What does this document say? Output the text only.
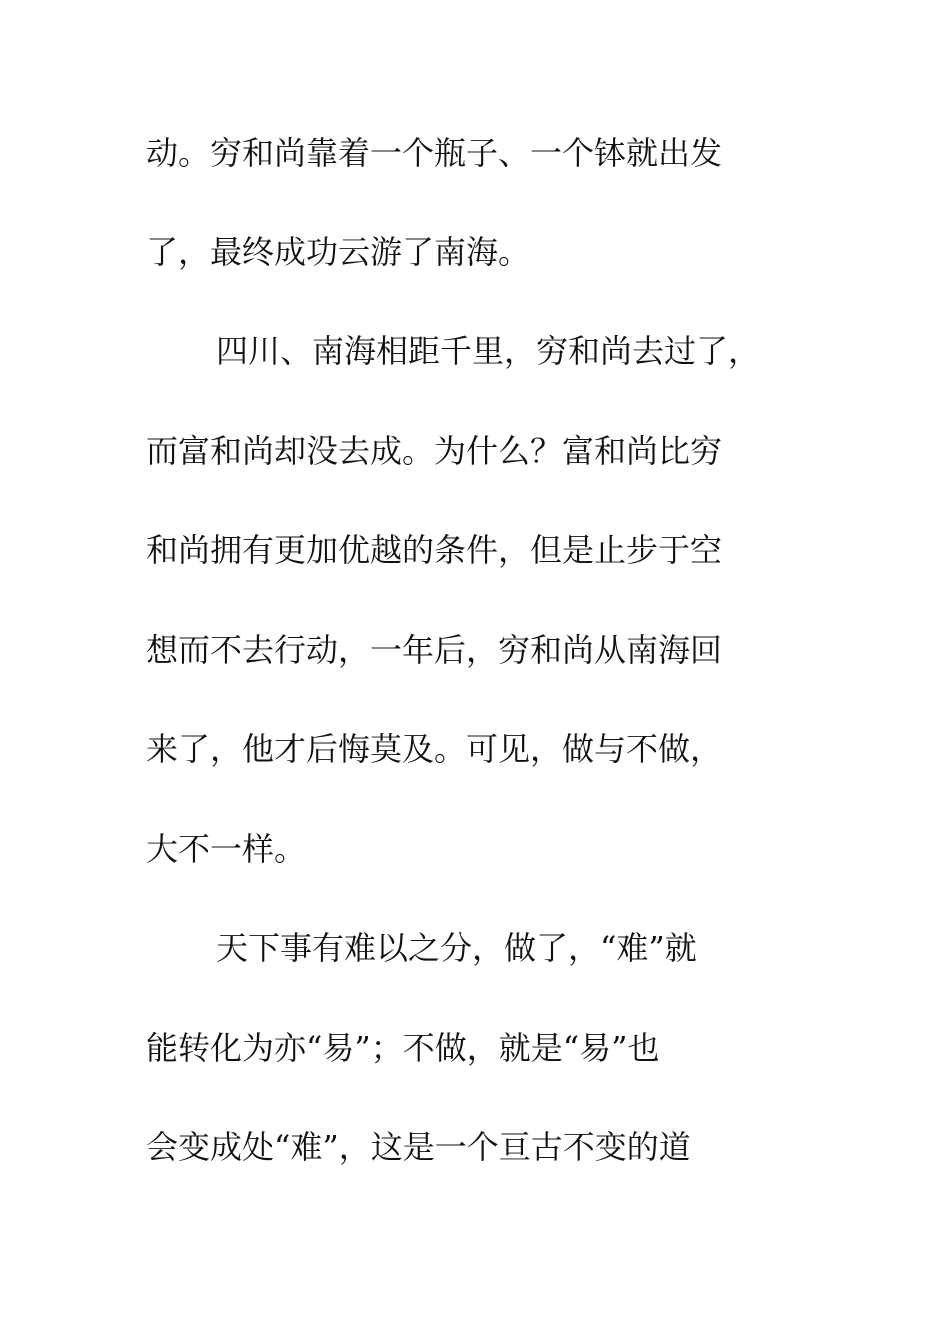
动。穷和尚靠着一个瓶子、一个钵就出发
了，最终成功云游了南海。
四川、南海相距千里，穷和尚去过了，
而富和尚却没去成。为什么？富和尚比穷
和尚拥有更加优越的条件，但是止步于空
想而不去行动，一年后，穷和尚从南海回
来了，他才后悔莫及。可见，做与不做，
大不一样。
天下事有难以之分，做了，“难”就
能转化为亦“易”；不做，就是“易”也
会变成处“难”，这是一个亘古不变的道
